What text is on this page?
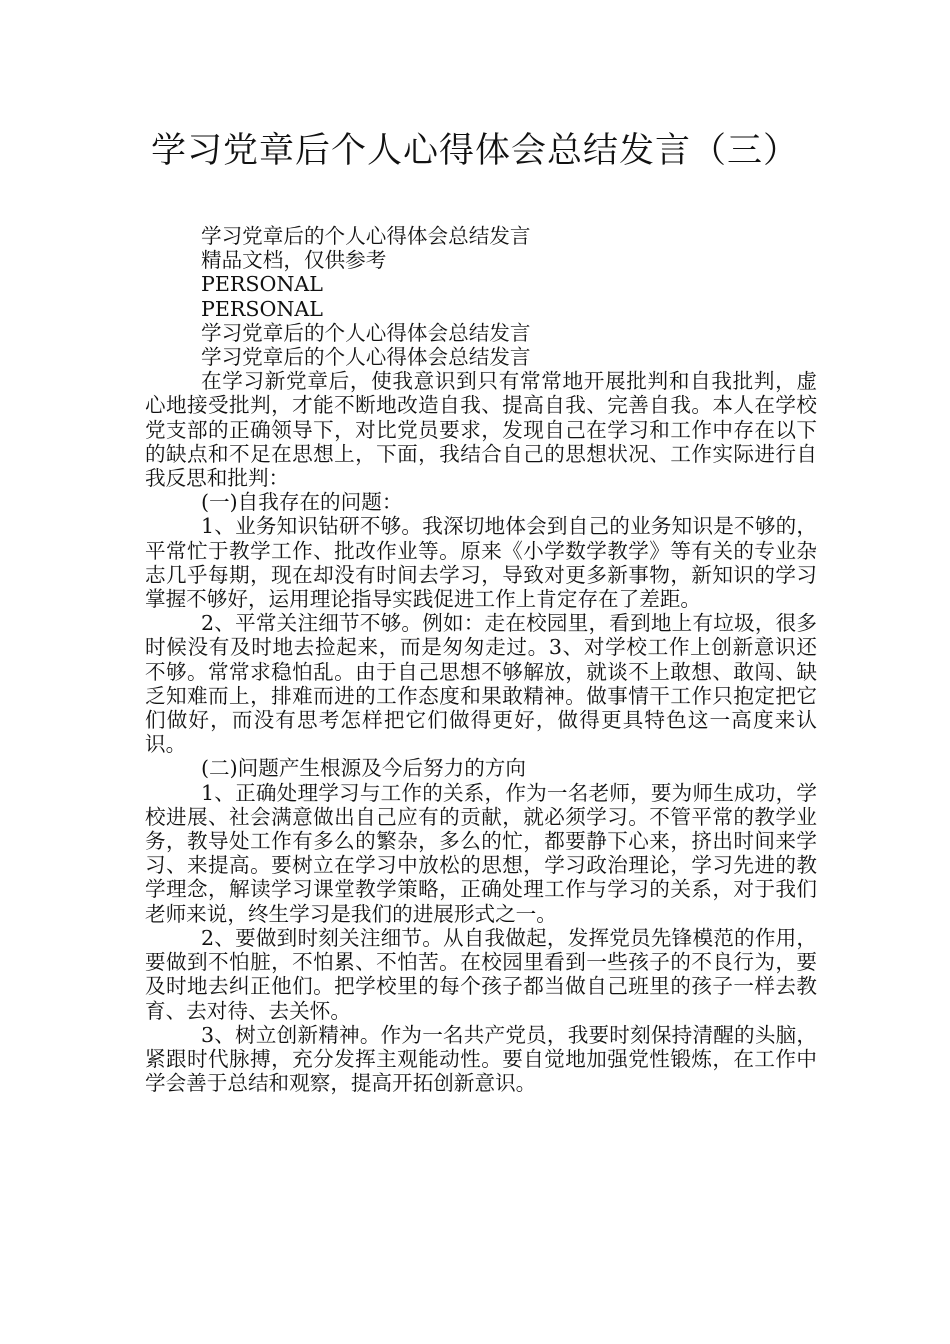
学习党章后个人心得体会总结发言（三）

学习党章后的个人心得体会总结发言

精品文档，仅供参考

PERSONAL

PERSONAL

学习党章后的个人心得体会总结发言

学习党章后的个人心得体会总结发言

在学习新党章后，使我意识到只有常常地开展批判和自我批判，虚心地接受批判，才能不断地改造自我、提高自我、完善自我。本人在学校党支部的正确领导下，对比党员要求，发现自己在学习和工作中存在以下的缺点和不足在思想上，下面，我结合自己的思想状况、工作实际进行自我反思和批判：

(一)自我存在的问题：

1、业务知识钻研不够。我深切地体会到自己的业务知识是不够的，平常忙于教学工作、批改作业等。原来《小学数学教学》等有关的专业杂志几乎每期，现在却没有时间去学习，导致对更多新事物，新知识的学习掌握不够好，运用理论指导实践促进工作上肯定存在了差距。

2、平常关注细节不够。例如：走在校园里，看到地上有垃圾，很多时候没有及时地去捡起来，而是匆匆走过。3、对学校工作上创新意识还不够。常常求稳怕乱。由于自己思想不够解放，就谈不上敢想、敢闯、缺乏知难而上，排难而进的工作态度和果敢精神。做事情干工作只抱定把它们做好，而没有思考怎样把它们做得更好，做得更具特色这一高度来认识。

(二)问题产生根源及今后努力的方向

1、正确处理学习与工作的关系，作为一名老师，要为师生成功，学校进展、社会满意做出自己应有的贡献，就必须学习。不管平常的教学业务，教导处工作有多么的繁杂，多么的忙，都要静下心来，挤出时间来学习、来提高。要树立在学习中放松的思想，学习政治理论，学习先进的教学理念，解读学习课堂教学策略，正确处理工作与学习的关系，对于我们老师来说，终生学习是我们的进展形式之一。

2、要做到时刻关注细节。从自我做起，发挥党员先锋模范的作用，要做到不怕脏，不怕累、不怕苦。在校园里看到一些孩子的不良行为，要及时地去纠正他们。把学校里的每个孩子都当做自己班里的孩子一样去教育、去对待、去关怀。

3、树立创新精神。作为一名共产党员，我要时刻保持清醒的头脑，紧跟时代脉搏，充分发挥主观能动性。要自觉地加强党性锻炼，在工作中学会善于总结和观察，提高开拓创新意识。
